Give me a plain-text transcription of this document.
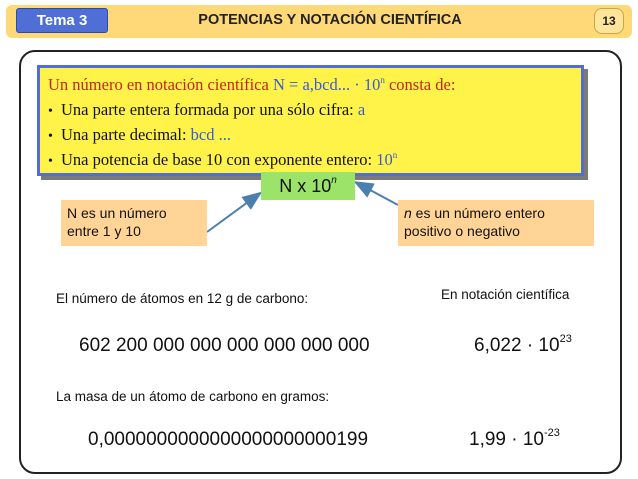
Tema 3	POTENCIAS Y NOTACIÓN CIENTÍFICA	13
Un número en notación científica N = a,bcd... · $10^n$ consta de:
• Una parte entera formada por una sólo cifra: a
• Una parte decimal: bcd ...
• Una potencia de base 10 con exponente entero: 10$^n$
N x 10$^n$
N es un número
entre 1 y 10
n es un número entero
positivo o negativo
En notación científica
El número de átomos en 12 g de carbono:
602 200 000 000 000 000 000 000	$6,022 \cdot 10^{23}$
La masa de un átomo de carbono en gramos:
0,0000000000000000000000199	$1,99 \cdot 10^{-23}$
